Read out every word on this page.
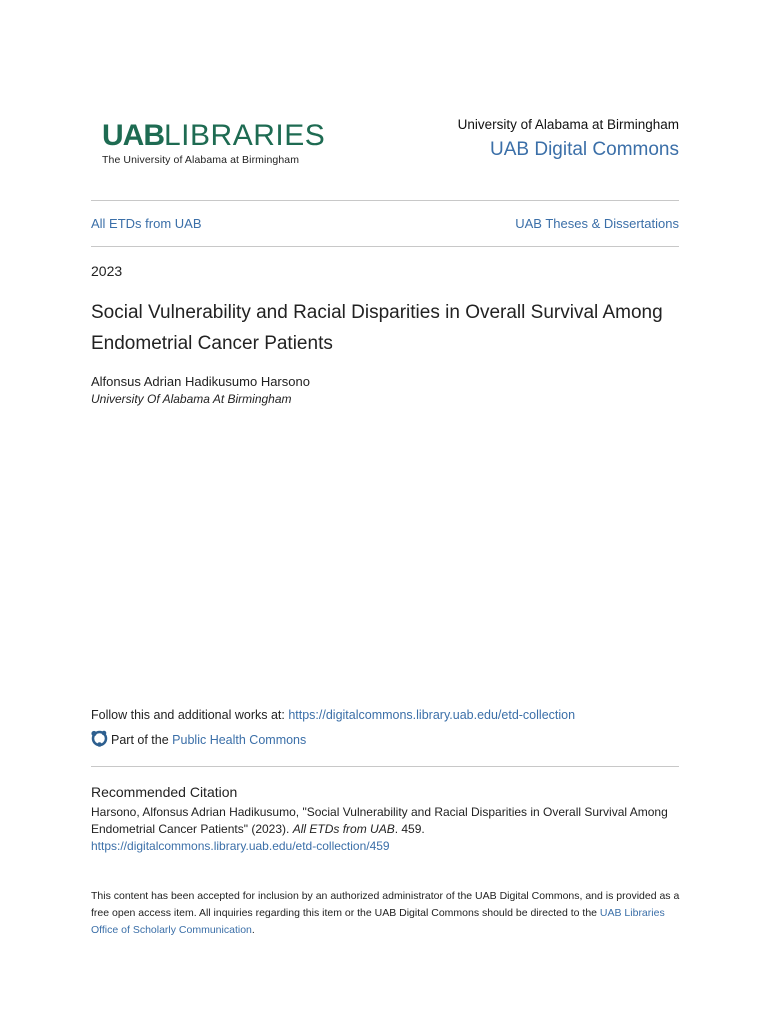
UAB LIBRARIES
The University of Alabama at Birmingham
University of Alabama at Birmingham
UAB Digital Commons
All ETDs from UAB	UAB Theses & Dissertations
2023
Social Vulnerability and Racial Disparities in Overall Survival Among Endometrial Cancer Patients
Alfonsus Adrian Hadikusumo Harsono
University Of Alabama At Birmingham
Follow this and additional works at: https://digitalcommons.library.uab.edu/etd-collection
Part of the
Public Health Commons
Recommended Citation
Harsono, Alfonsus Adrian Hadikusumo, "Social Vulnerability and Racial Disparities in Overall Survival Among Endometrial Cancer Patients" (2023). All ETDs from UAB. 459.
https://digitalcommons.library.uab.edu/etd-collection/459
This content has been accepted for inclusion by an authorized administrator of the UAB Digital Commons, and is provided as a free open access item. All inquiries regarding this item or the UAB Digital Commons should be directed to the UAB Libraries Office of Scholarly Communication.
